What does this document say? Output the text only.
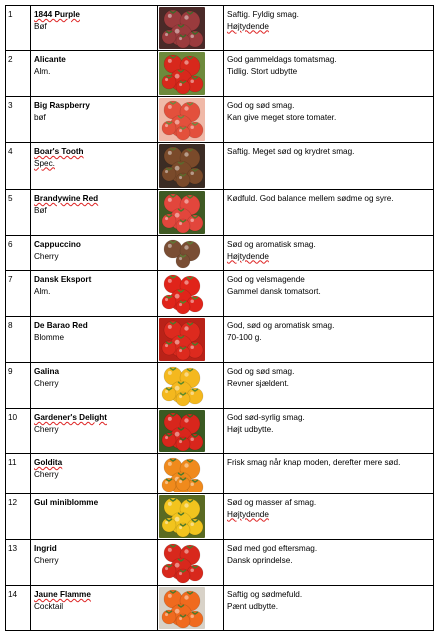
1	1844 Purple
Bøf		Saftig. Fyldig smag.
Højtydende

2	Alicante
Alm.		God gammeldags tomatsmag.
Tidlig. Stort udbytte

3	Big Raspberry
bøf		God og sød smag.
Kan give meget store tomater.

4	Boar's Tooth
Spec.		Saftig. Meget sød og krydret smag.

5	Brandywine Red
Bøf		Kødfuld. God balance mellem sødme og syre.

6	Cappuccino
Cherry		Sød og aromatisk smag.
Højtydende

7	Dansk Eksport
Alm.		God og velsmagende
Gammel dansk tomatsort.

8	De Barao Red
Blomme		God, sød og aromatisk smag.
70-100 g.

9	Galina
Cherry		God og sød smag.
Revner sjældent.

10	Gardener's Delight
Cherry		God sød-syrlig smag.
Højt udbytte.

11	Goldita
Cherry		Frisk smag når knap moden, derefter mere sød.

12	Gul miniblomme		Sød og masser af smag.
Højtydende

13	Ingrid
Cherry		Sød med god eftersmag.
Dansk oprindelse.

14	Jaune Flamme
Cocktail		Saftig og sødmefuld.
Pænt udbytte.
